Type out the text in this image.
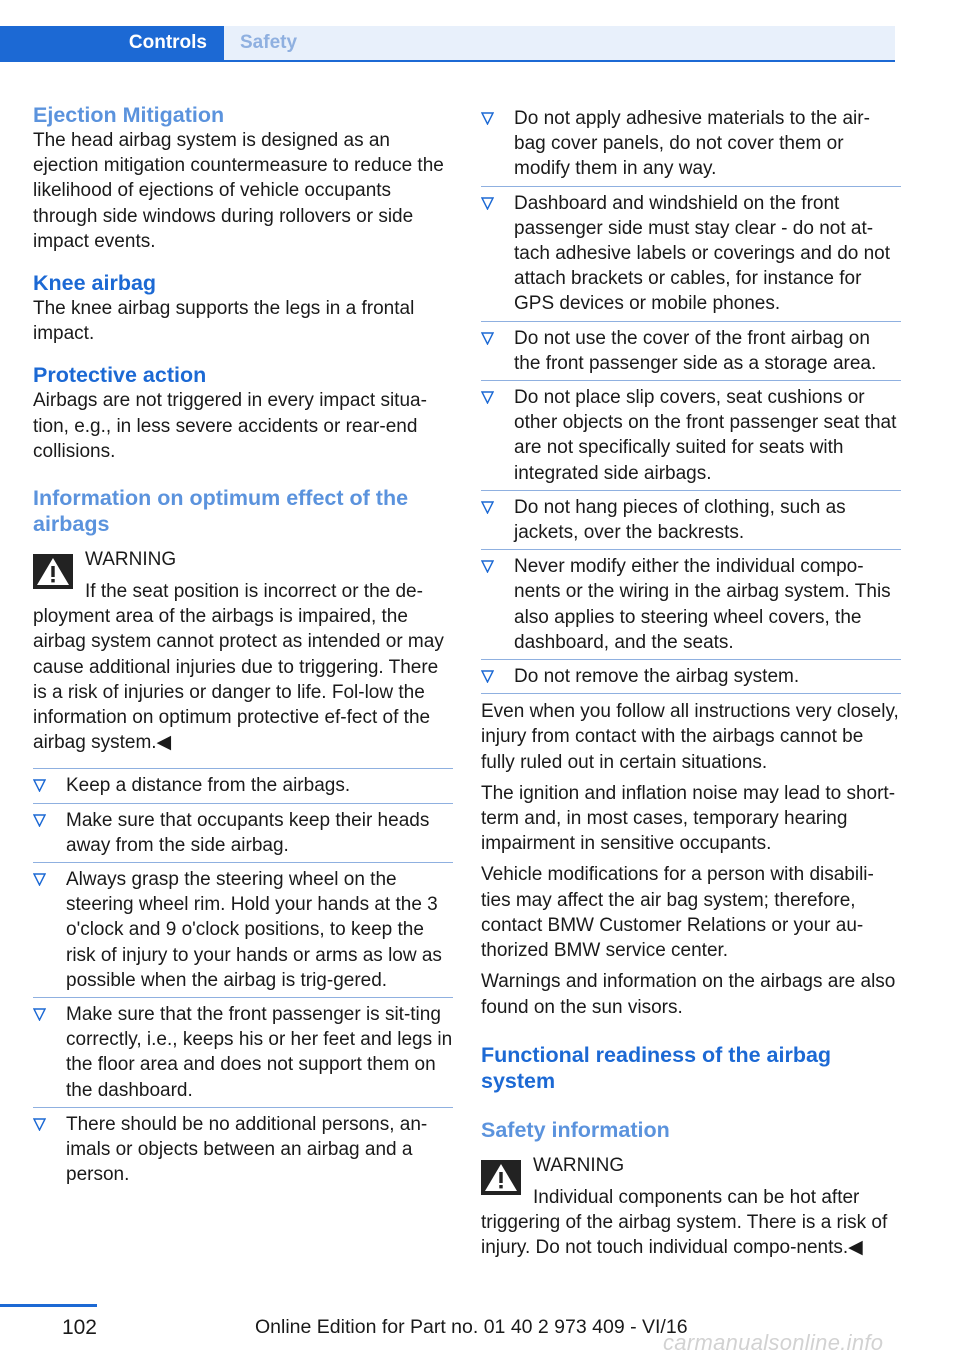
Controls	Safety
Ejection Mitigation

The head airbag system is designed as an ejection mitigation countermeasure to reduce the likelihood of ejections of vehicle occupants through side windows during rollovers or side impact events.

Knee airbag

The knee airbag supports the legs in a frontal impact.

Protective action

Airbags are not triggered in every impact situa‐tion, e.g., in less severe accidents or rear-end collisions.

Information on optimum effect of the airbags
WARNING

If the seat position is incorrect or the de‐ployment area of the airbags is impaired, the airbag system cannot protect as intended or may cause additional injuries due to triggering. There is a risk of injuries or danger to life. Fol‐low the information on optimum protective ef‐fect of the airbag system.◀

Keep a distance from the airbags.
Make sure that occupants keep their heads away from the side airbag.
Always grasp the steering wheel on the steering wheel rim. Hold your hands at the 3 o'clock and 9 o'clock positions, to keep the risk of injury to your hands or arms as low as possible when the airbag is trig‐gered.
Make sure that the front passenger is sit‐ting correctly, i.e., keeps his or her feet and legs in the floor area and does not support them on the dashboard.
There should be no additional persons, an‐imals or objects between an airbag and a person.
Do not apply adhesive materials to the air‐bag cover panels, do not cover them or modify them in any way.
Dashboard and windshield on the front passenger side must stay clear - do not at‐tach adhesive labels or coverings and do not attach brackets or cables, for instance for GPS devices or mobile phones.
Do not use the cover of the front airbag on the front passenger side as a storage area.
Do not place slip covers, seat cushions or other objects on the front passenger seat that are not specifically suited for seats with integrated side airbags.
Do not hang pieces of clothing, such as jackets, over the backrests.
Never modify either the individual compo‐nents or the wiring in the airbag system. This also applies to steering wheel covers, the dashboard, and the seats.
Do not remove the airbag system.

Even when you follow all instructions very closely, injury from contact with the airbags cannot be fully ruled out in certain situations.

The ignition and inflation noise may lead to short-term and, in most cases, temporary hearing impairment in sensitive occupants.

Vehicle modifications for a person with disabili‐ties may affect the air bag system; therefore, contact BMW Customer Relations or your au‐thorized BMW service center.

Warnings and information on the airbags are also found on the sun visors.

Functional readiness of the airbag system
Safety information
WARNING

Individual components can be hot after triggering of the airbag system. There is a risk of injury. Do not touch individual compo‐nents.◀

102	Online Edition for Part no. 01 40 2 973 409 - VI/16
carmanualsonline.info
